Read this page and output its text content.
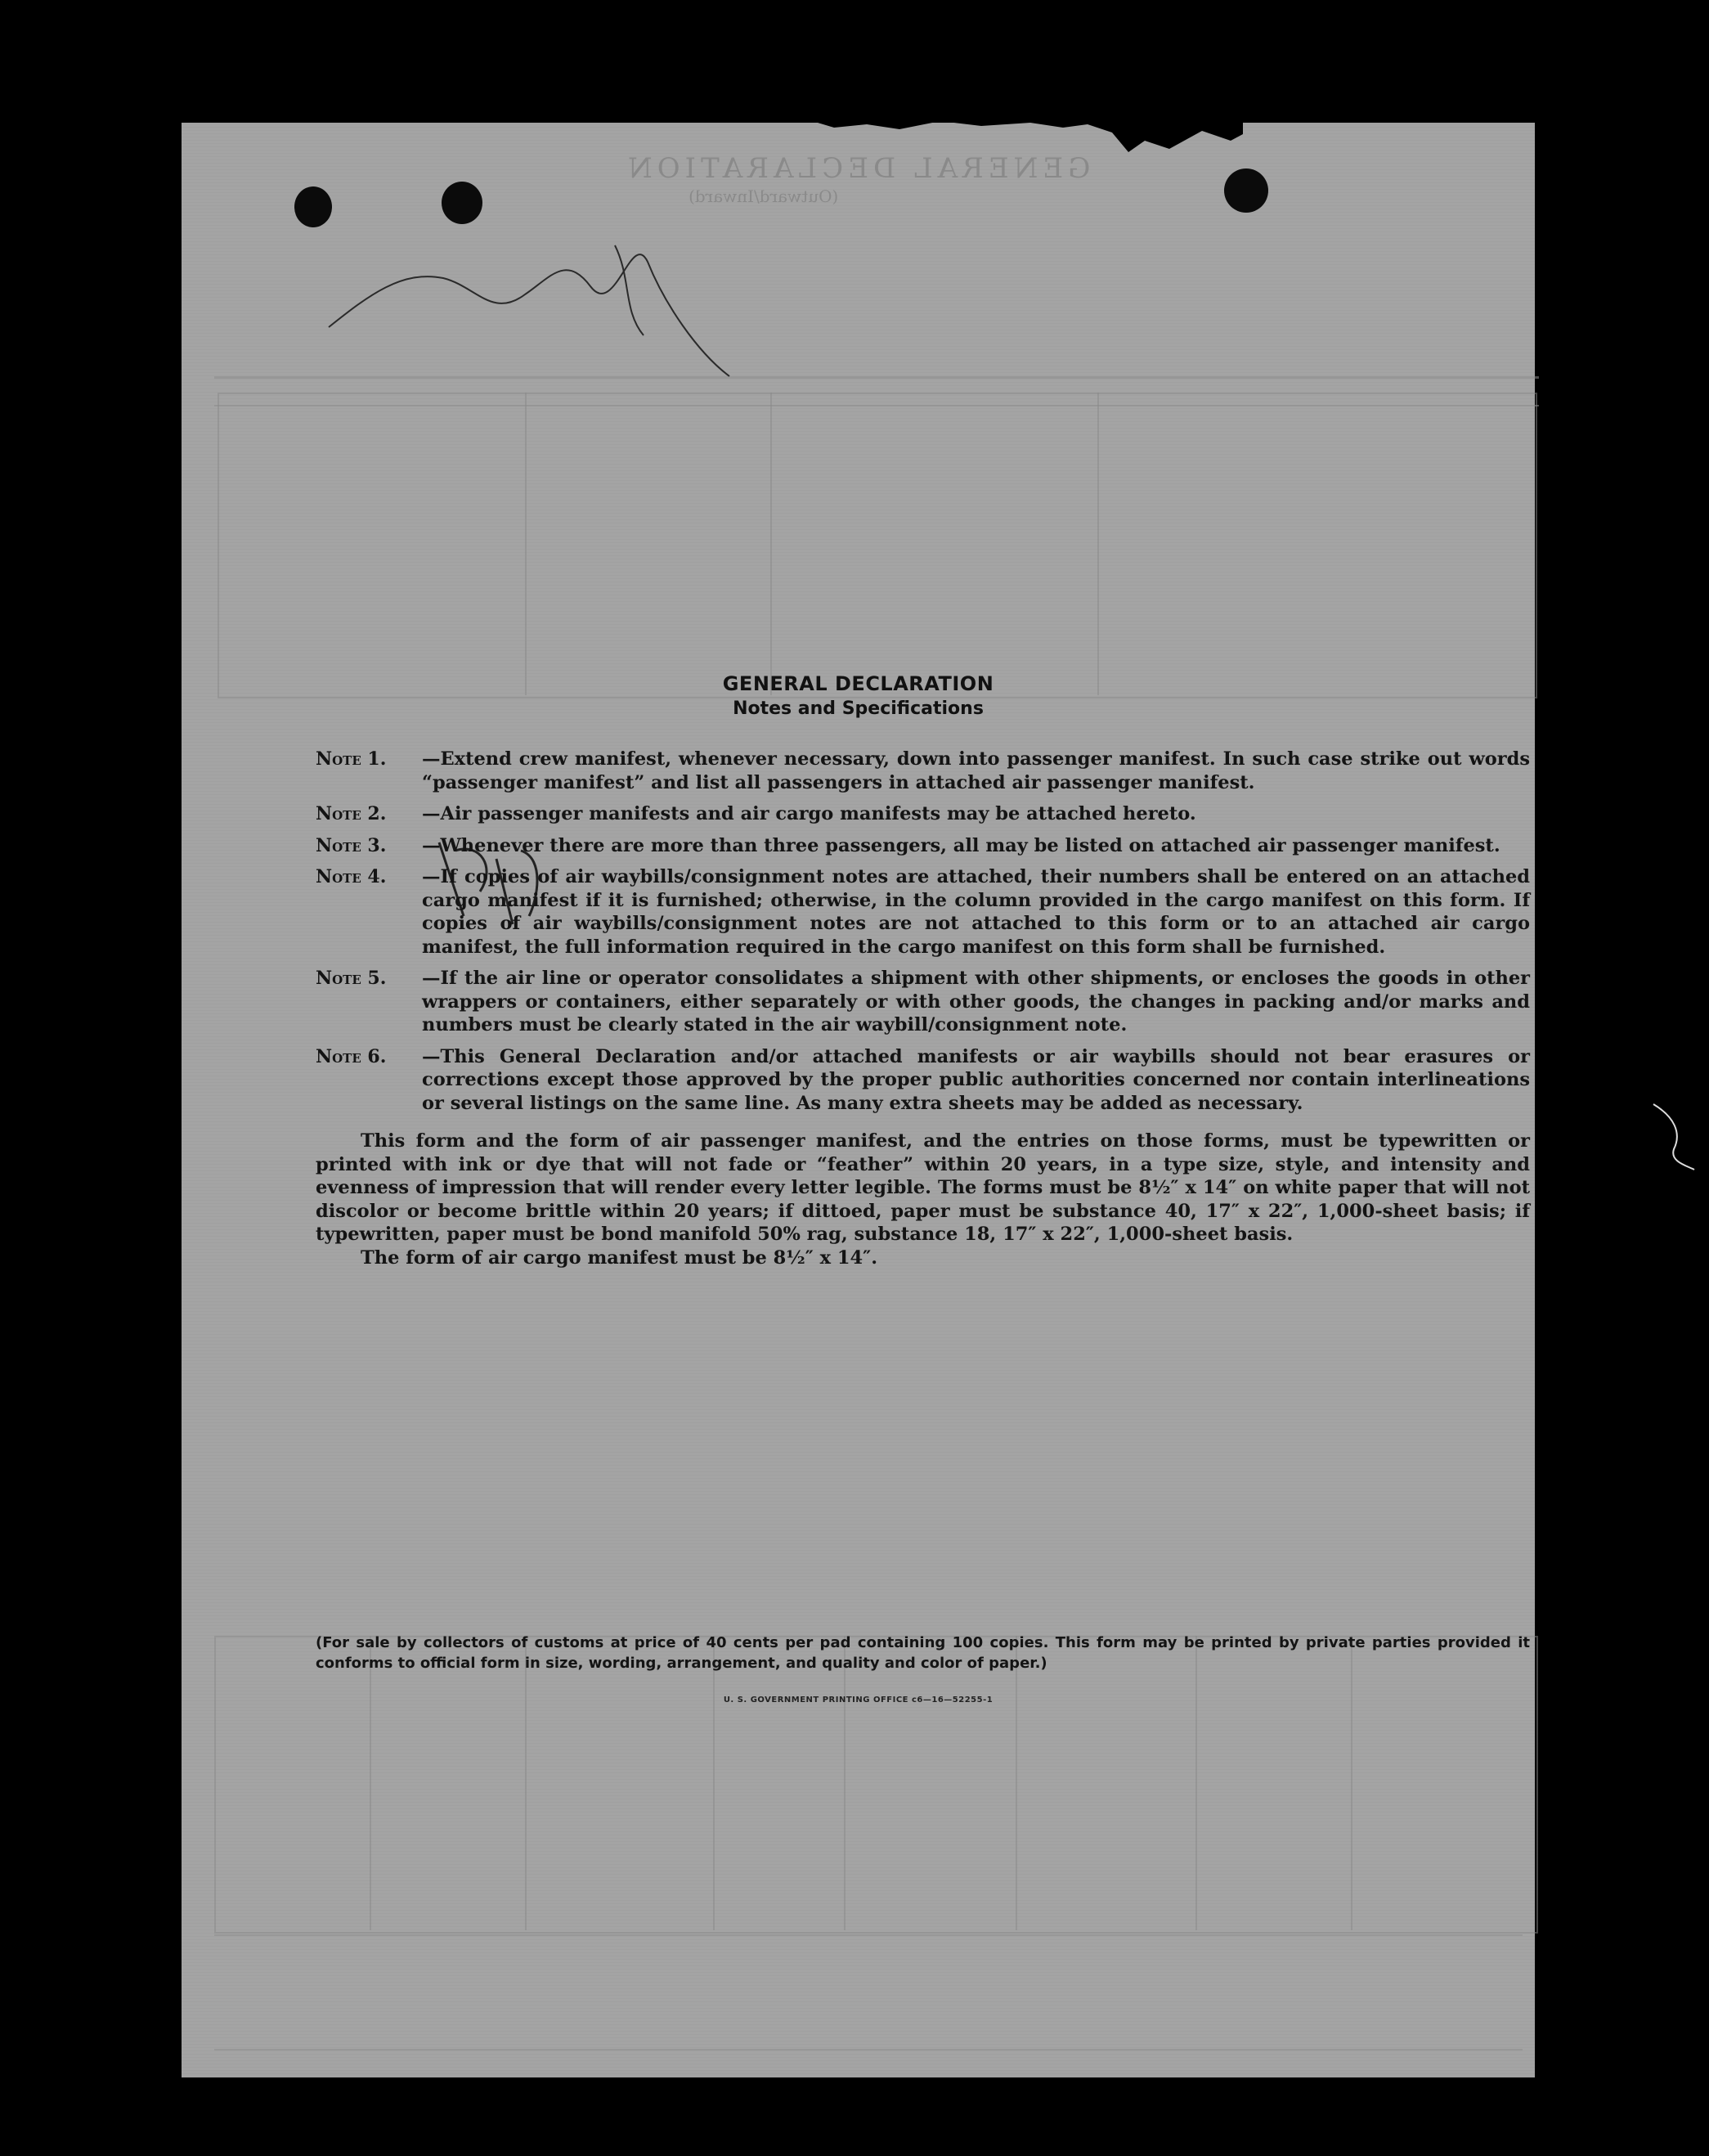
GENERAL DECLARATION
(Outward/Inward)
GENERAL DECLARATION
Notes and Specifications
Note 1. —Extend crew manifest, whenever necessary, down into passenger manifest. In such case strike out words “passenger manifest” and list all passengers in attached air passenger manifest.
Note 2. —Air passenger manifests and air cargo manifests may be attached hereto.
Note 3. —Whenever there are more than three passengers, all may be listed on attached air passenger manifest.
Note 4. —If copies of air waybills/consignment notes are attached, their numbers shall be entered on an attached cargo manifest if it is furnished; otherwise, in the column provided in the cargo manifest on this form. If copies of air waybills/consignment notes are not attached to this form or to an attached air cargo manifest, the full information required in the cargo manifest on this form shall be furnished.
Note 5. —If the air line or operator consolidates a shipment with other shipments, or encloses the goods in other wrappers or containers, either separately or with other goods, the changes in packing and/or marks and numbers must be clearly stated in the air waybill/consignment note.
Note 6. —This General Declaration and/or attached manifests or air waybills should not bear erasures or corrections except those approved by the proper public authorities concerned nor contain interlineations or several listings on the same line. As many extra sheets may be added as necessary.
This form and the form of air passenger manifest, and the entries on those forms, must be typewritten or printed with ink or dye that will not fade or “feather” within 20 years, in a type size, style, and intensity and evenness of impression that will render every letter legible. The forms must be 8½″ x 14″ on white paper that will not discolor or become brittle within 20 years; if dittoed, paper must be substance 40, 17″ x 22″, 1,000-sheet basis; if typewritten, paper must be bond manifold 50% rag, substance 18, 17″ x 22″, 1,000-sheet basis.
The form of air cargo manifest must be 8½″ x 14″.
(For sale by collectors of customs at price of 40 cents per pad containing 100 copies. This form may be printed by private parties provided it conforms to official form in size, wording, arrangement, and quality and color of paper.)
U. S. GOVERNMENT PRINTING OFFICE c6—16—52255-1
